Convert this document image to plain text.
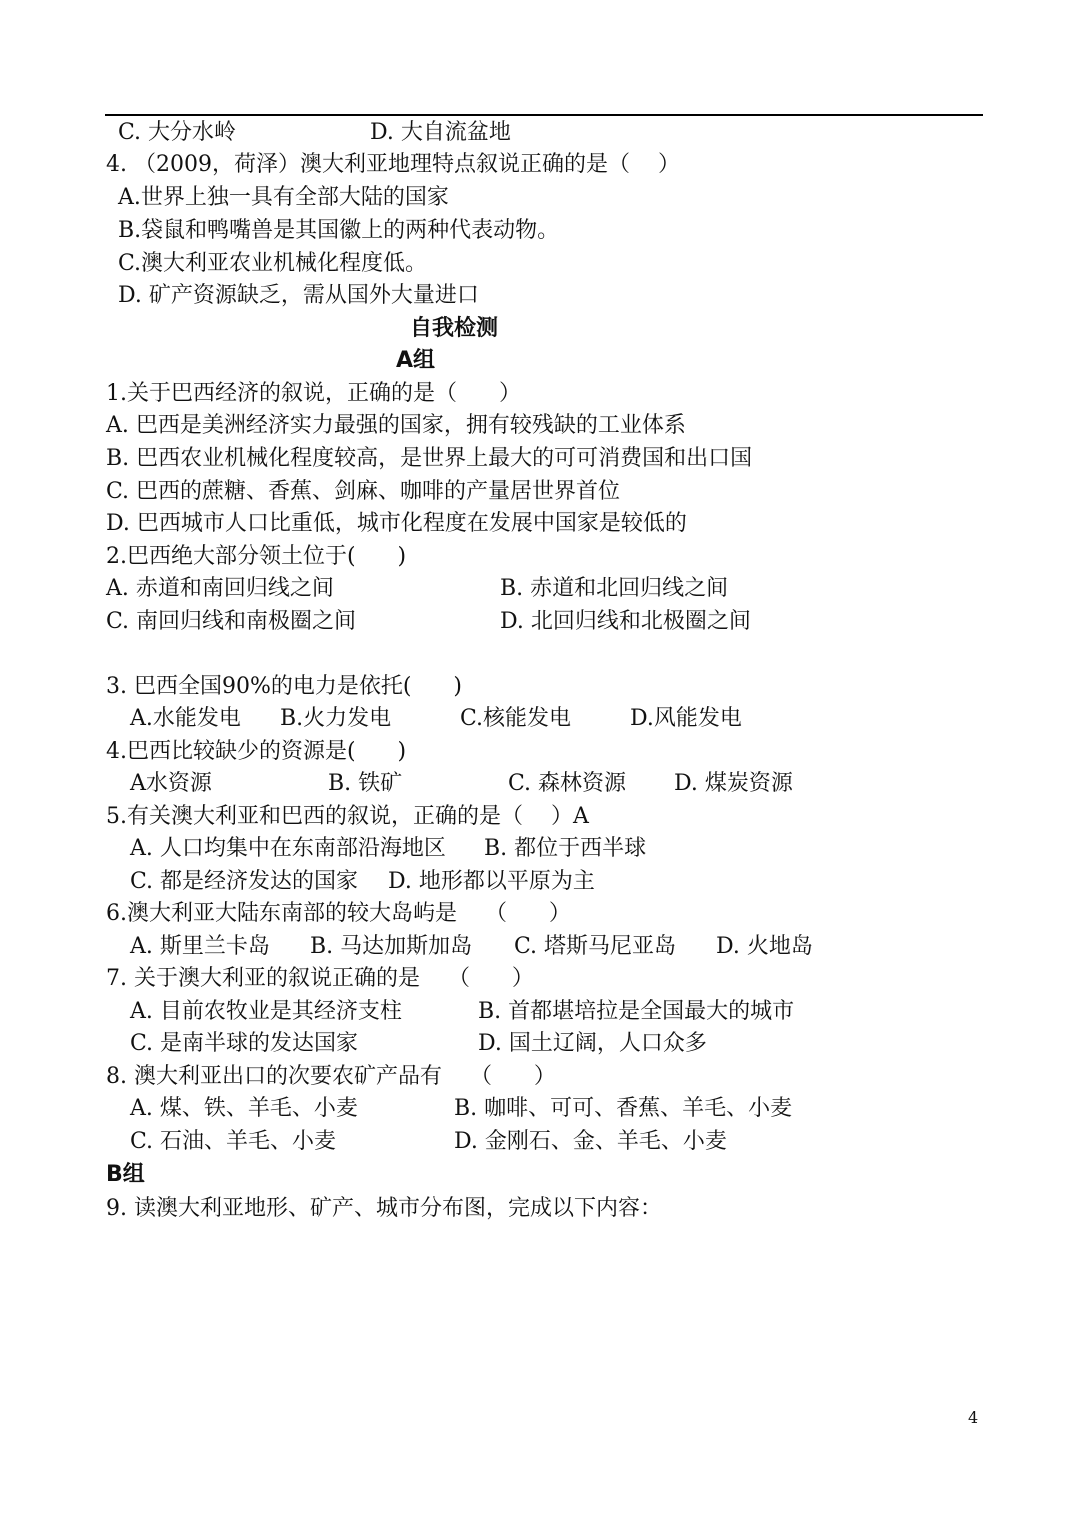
C. 大分水岭	D. 大自流盆地
4. （2009，荷泽）澳大利亚地理特点叙说正确的是（    ）
A.世界上独一具有全部大陆的国家
B.袋鼠和鸭嘴兽是其国徽上的两种代表动物。
C.澳大利亚农业机械化程度低。
D. 矿产资源缺乏，需从国外大量进口
自我检测
A组
1.关于巴西经济的叙说，正确的是（      ）
A. 巴西是美洲经济实力最强的国家，拥有较残缺的工业体系
B. 巴西农业机械化程度较高，是世界上最大的可可消费国和出口国
C. 巴西的蔗糖、香蕉、剑麻、咖啡的产量居世界首位
D. 巴西城市人口比重低，城市化程度在发展中国家是较低的
2.巴西绝大部分领土位于(      )
A. 赤道和南回归线之间	B. 赤道和北回归线之间
C. 南回归线和南极圈之间	D. 北回归线和北极圈之间
3. 巴西全国90%的电力是依托(      )
A.水能发电 B.火力发电	C.核能发电	D.风能发电
4.巴西比较缺少的资源是(      )
A水资源	B. 铁矿	C. 森林资源 D. 煤炭资源
5.有关澳大利亚和巴西的叙说，正确的是（    ）A
A. 人口均集中在东南部沿海地区 B. 都位于西半球
C. 都是经济发达的国家 D. 地形都以平原为主
6.澳大利亚大陆东南部的较大岛屿是    （      ）
A. 斯里兰卡岛 B. 马达加斯加岛 C. 塔斯马尼亚岛 D. 火地岛
7. 关于澳大利亚的叙说正确的是    （      ）
A. 目前农牧业是其经济支柱	B. 首都堪培拉是全国最大的城市
C. 是南半球的发达国家	D. 国土辽阔，人口众多
8. 澳大利亚出口的次要农矿产品有    （      ）
A. 煤、铁、羊毛、小麦	B. 咖啡、可可、香蕉、羊毛、小麦
C. 石油、羊毛、小麦	D. 金刚石、金、羊毛、小麦
B组
9. 读澳大利亚地形、矿产、城市分布图，完成以下内容：
4
